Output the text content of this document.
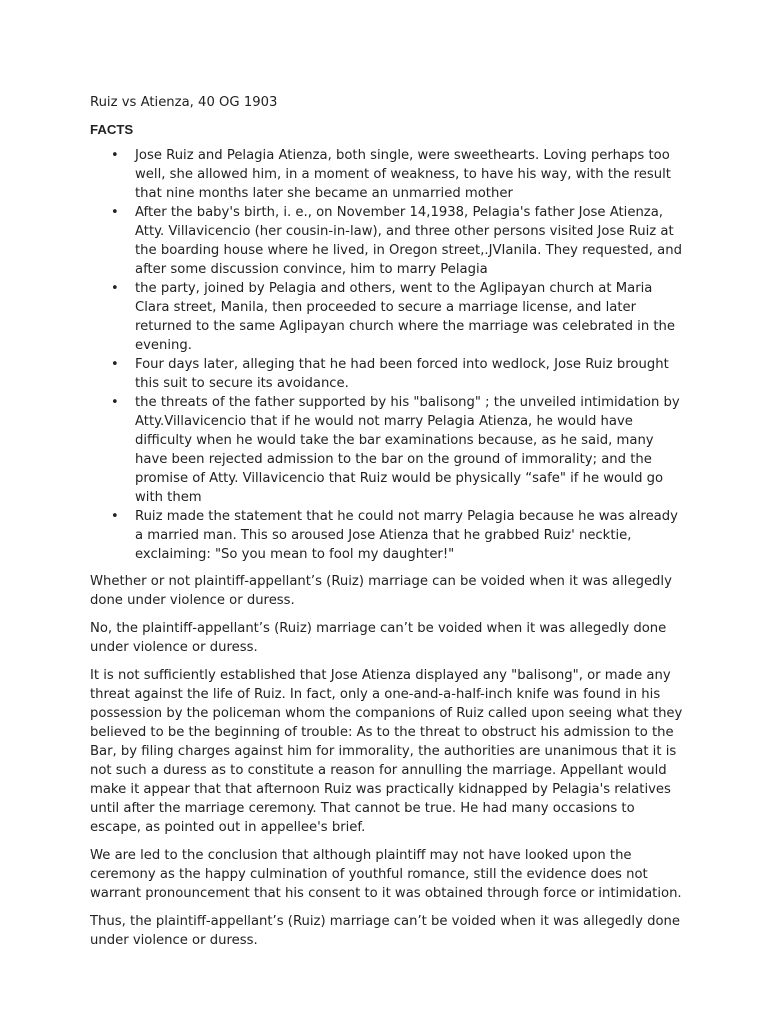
Ruiz vs Atienza, 40 OG 1903

FACTS

• Jose Ruiz and Pelagia Atienza, both single, were sweethearts. Loving perhaps too well, she allowed him, in a moment of weakness, to have his way, with the result that nine months later she became an unmarried mother
• After the baby's birth, i. e., on November 14,1938, Pelagia's father Jose Atienza, Atty. Villavicencio (her cousin-in-law), and three other persons visited Jose Ruiz at the boarding house where he lived, in Oregon street,.JVIanila. They requested, and after some discussion convince, him to marry Pelagia
• the party, joined by Pelagia and others, went to the Aglipayan church at Maria Clara street, Manila, then proceeded to secure a marriage license, and later returned to the same Aglipayan church where the marriage was celebrated in the evening.
• Four days later, alleging that he had been forced into wedlock, Jose Ruiz brought this suit to secure its avoidance.
• the threats of the father supported by his "balisong" ; the unveiled intimidation by Atty.Villavicencio that if he would not marry Pelagia Atienza, he would have difficulty when he would take the bar examinations because, as he said, many have been rejected admission to the bar on the ground of immorality; and the promise of Atty. Villavicencio that Ruiz would be physically “safe" if he would go with them
• Ruiz made the statement that he could not marry Pelagia because he was already a married man. This so aroused Jose Atienza that he grabbed Ruiz' necktie, exclaiming: "So you mean to fool my daughter!"

Whether or not plaintiff-appellant’s (Ruiz) marriage can be voided when it was allegedly done under violence or duress.

No, the plaintiff-appellant’s (Ruiz) marriage can’t be voided when it was allegedly done under violence or duress.

It is not sufficiently established that Jose Atienza displayed any "balisong", or made any threat against the life of Ruiz. In fact, only a one-and-a-half-inch knife was found in his possession by the policeman whom the companions of Ruiz called upon seeing what they believed to be the beginning of trouble: As to the threat to obstruct his admission to the Bar, by filing charges against him for immorality, the authorities are unanimous that it is not such a duress as to constitute a reason for annulling the marriage. Appellant would make it appear that that afternoon Ruiz was practically kidnapped by Pelagia's relatives until after the marriage ceremony. That cannot be true. He had many occasions to escape, as pointed out in appellee's brief.

We are led to the conclusion that although plaintiff may not have looked upon the ceremony as the happy culmination of youthful romance, still the evidence does not warrant pronouncement that his consent to it was obtained through force or intimidation.

Thus, the plaintiff-appellant’s (Ruiz) marriage can’t be voided when it was allegedly done under violence or duress.
